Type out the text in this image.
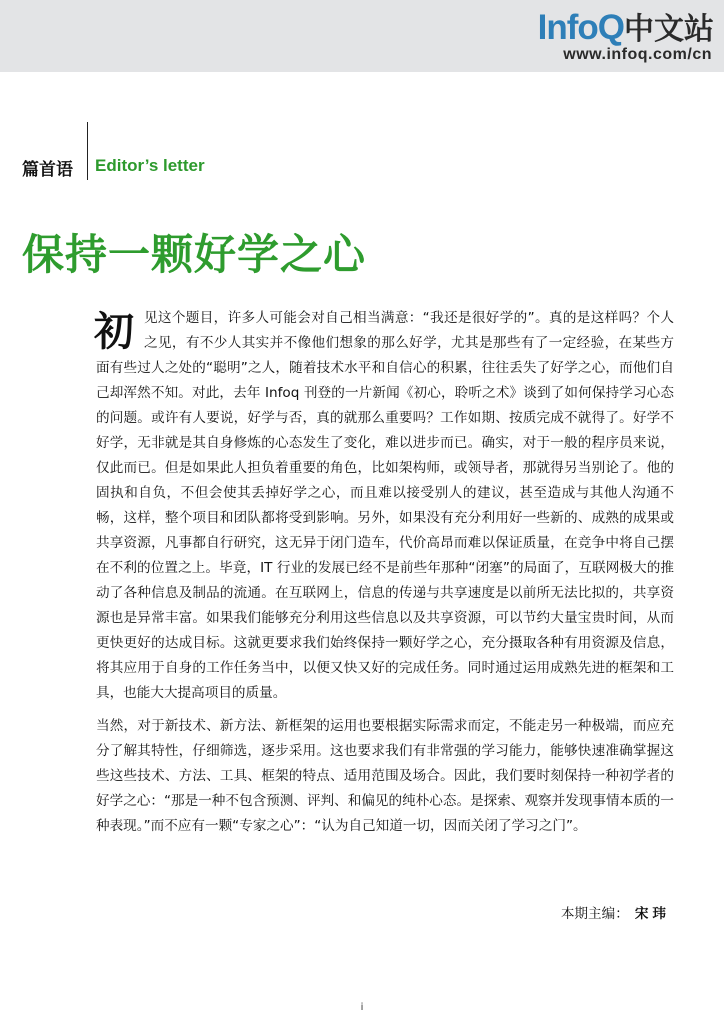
InfoQ中文站
www.infoq.com/cn
篇首语 Editor’s letter
保持一颗好学之心

初见这个题目，许多人可能会对自己相当满意：“我还是很好学的”。真的是这样吗？个人之见，有不少人其实并不像他们想象的那么好学，尤其是那些有了一定经验，在某些方面有些过人之处的“聪明”之人，随着技术水平和自信心的积累，往往丢失了好学之心，而他们自己却浑然不知。对此，去年 Infoq 刊登的一片新闻《初心，聆听之术》谈到了如何保持学习心态的问题。或许有人要说，好学与否，真的就那么重要吗？工作如期、按质完成不就得了。好学不好学，无非就是其自身修炼的心态发生了变化，难以进步而已。确实，对于一般的程序员来说，仅此而已。但是如果此人担负着重要的角色，比如架构师，或领导者，那就得另当别论了。他的固执和自负，不但会使其丢掉好学之心，而且难以接受别人的建议，甚至造成与其他人沟通不畅，这样，整个项目和团队都将受到影响。另外，如果没有充分利用好一些新的、成熟的成果或共享资源，凡事都自行研究，这无异于闭门造车，代价高昂而难以保证质量，在竞争中将自己摆在不利的位置之上。毕竟，IT 行业的发展已经不是前些年那种“闭塞”的局面了，互联网极大的推动了各种信息及制品的流通。在互联网上，信息的传递与共享速度是以前所无法比拟的，共享资源也是异常丰富。如果我们能够充分利用这些信息以及共享资源，可以节约大量宝贵时间，从而更快更好的达成目标。这就更要求我们始终保持一颗好学之心，充分摄取各种有用资源及信息，将其应用于自身的工作任务当中，以便又快又好的完成任务。同时通过运用成熟先进的框架和工具，也能大大提高项目的质量。

当然，对于新技术、新方法、新框架的运用也要根据实际需求而定，不能走另一种极端，而应充分了解其特性，仔细筛选，逐步采用。这也要求我们有非常强的学习能力，能够快速准确掌握这些这些技术、方法、工具、框架的特点、适用范围及场合。因此，我们要时刻保持一种初学者的好学之心：“那是一种不包含预测、评判、和偏见的纯朴心态。是探索、观察并发现事情本质的一种表现。”而不应有一颗“专家之心”：“认为自己知道一切，因而关闭了学习之门”。

本期主编： 宋玮
i
